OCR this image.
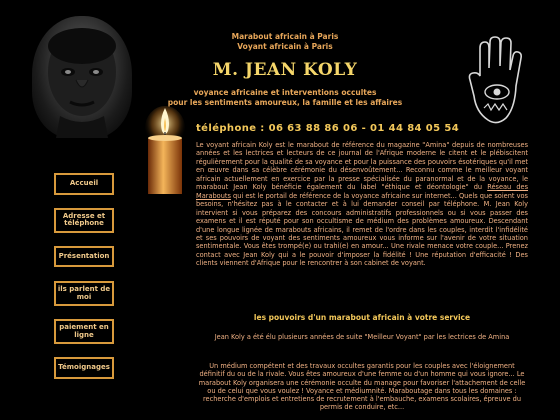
Marabout africain à Paris
Voyant africain à Paris
M. JEAN KOLY
voyance africaine et interventions occultes
pour les sentiments amoureux, la famille et les affaires
téléphone : 06 63 88 86 06 - 01 44 84 05 54
Accueil
Adresse et téléphone
Présentation
ils parlent de moi
paiement en ligne
Témoignages

Le voyant africain Koly est le marabout de référence du magazine "Amina" depuis de nombreuses années et les lectrices et lecteurs de ce journal de l'Afrique moderne le citent et le plébiscitent régulièrement pour la qualité de sa voyance et pour la puissance des pouvoirs ésotériques qu'il met en œuvre dans sa célèbre cérémonie du désenvoûtement... Reconnu comme le meilleur voyant africain actuellement en exercice par la presse spécialisée du paranormal et de la voyance, le marabout Jean Koly bénéficie également du label "éthique et déontologie" du Réseau des Marabouts qui est le portail de référence de la voyance africaine sur internet... Quels que soient vos besoins, n'hésitez pas à le contacter et à lui demander conseil par téléphone. M. Jean Koly intervient si vous préparez des concours administratifs professionnels ou si vous passer des examens et il est réputé pour son occultisme de médium des problèmes amoureux. Descendant d'une longue lignée de marabouts africains, il remet de l'ordre dans les couples, interdit l'infidélité et ses pouvoirs de voyant des sentiments amoureux vous informe sur l'avenir de votre situation sentimentale. Vous êtes trompé(e) ou trahi(e) en amour... Une rivale menace votre couple... Prenez contact avec Jean Koly qui a le pouvoir d'imposer la fidélité ! Une réputation d'efficacité ! Des clients viennent d'Afrique pour le rencontrer à son cabinet de voyant.

les pouvoirs d'un marabout africain à votre service
Jean Koly a été élu plusieurs années de suite "Meilleur Voyant" par les lectrices de Amina
Un médium compétent et des travaux occultes garantis pour les couples avec l'éloignement définitif du ou de la rivale. Vous êtes amoureux d'une femme ou d'un homme qui vous ignore... Le marabout Koly organisera une cérémonie occulte du manage pour favoriser l'attachement de celle ou de celui que vous voulez ! Voyance et médiumnité. Maraboutage dans tous les domaines : recherche d'emplois et entretiens de recrutement à l'embauche, examens scolaires, épreuve du permis de conduire, etc...
